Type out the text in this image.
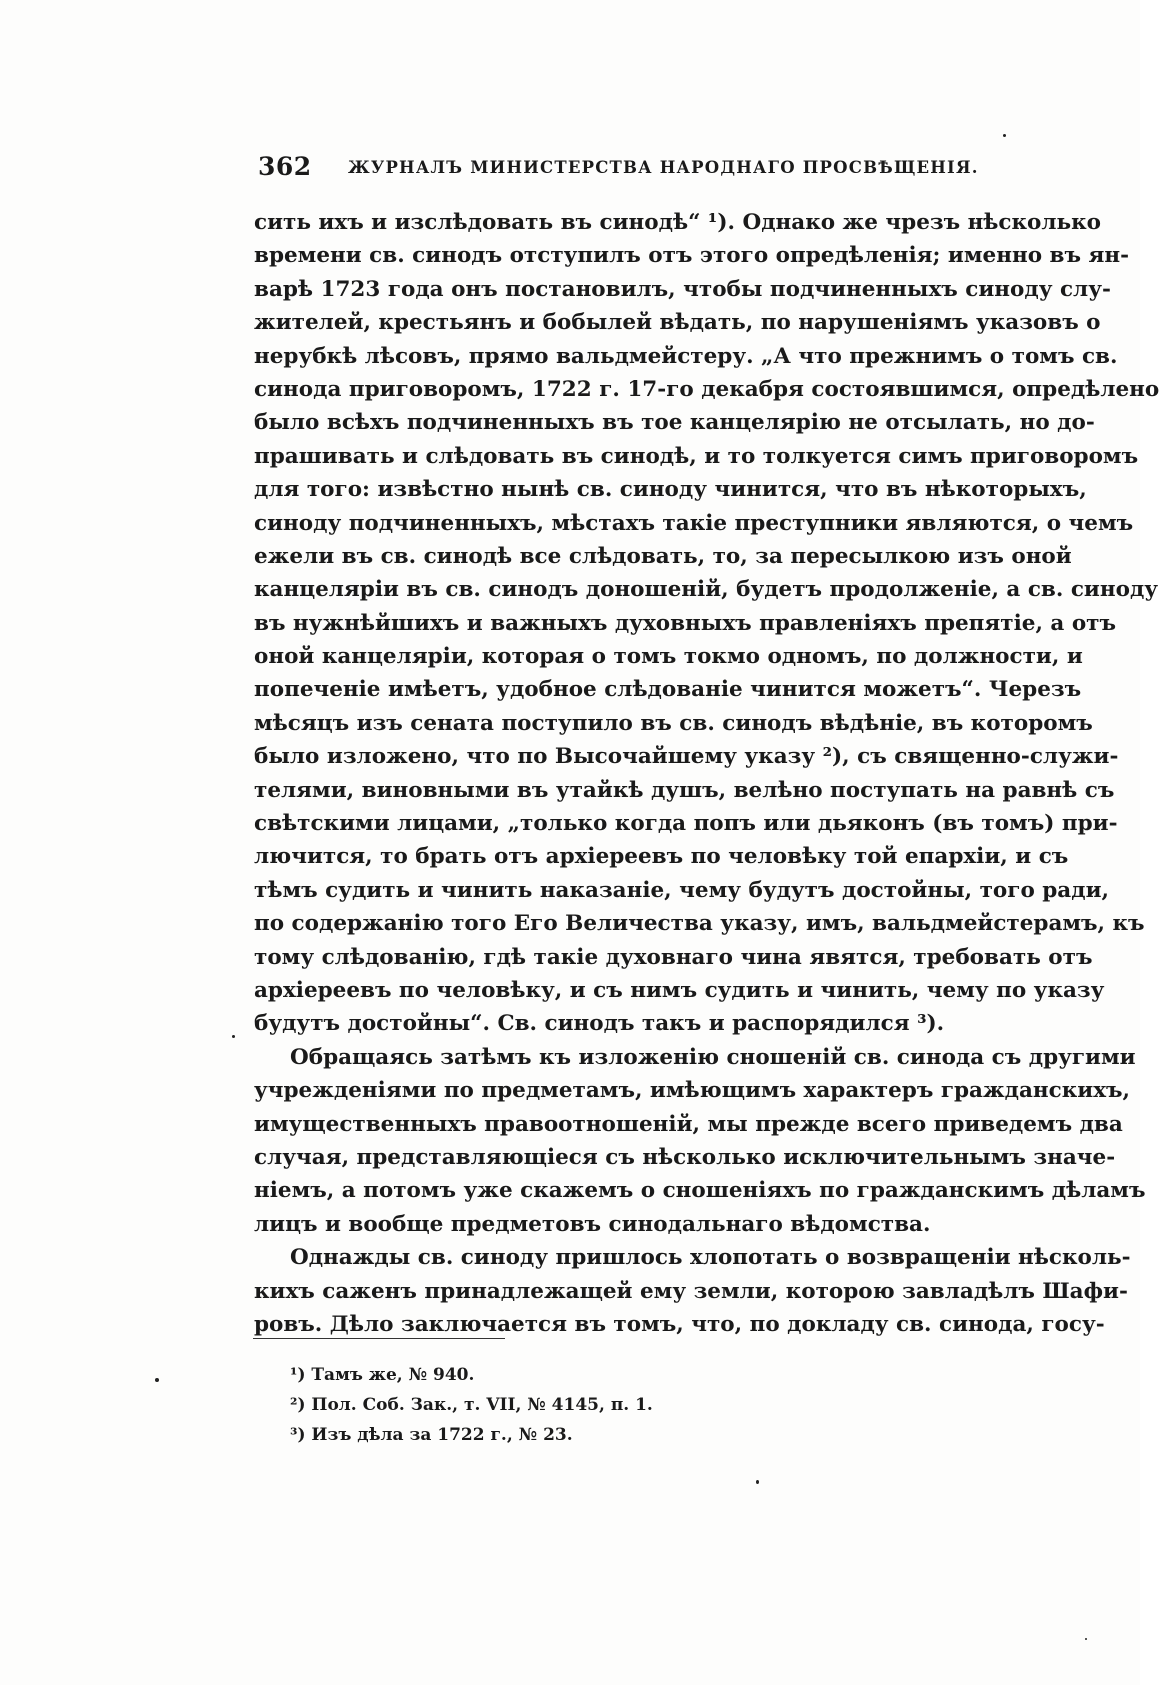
362 ЖУРНАЛЪ МИНИСТЕРСТВА НАРОДНАГО ПРОСВѢЩЕНІЯ.
сить ихъ и изслѣдовать въ синодѣ“ ¹). Однако же чрезъ нѣсколько
времени св. синодъ отступилъ отъ этого опредѣленія; именно въ ян-
варѣ 1723 года онъ постановилъ, чтобы подчиненныхъ синоду слу-
жителей, крестьянъ и бобылей вѣдать, по нарушеніямъ указовъ о
нерубкѣ лѣсовъ, прямо вальдмейстеру. „А что прежнимъ о томъ св.
синода приговоромъ, 1722 г. 17-го декабря состоявшимся, опредѣлено
было всѣхъ подчиненныхъ въ тое канцелярію не отсылать, но до-
прашивать и слѣдовать въ синодѣ, и то толкуется симъ приговоромъ
для того: извѣстно нынѣ св. синоду чинится, что въ нѣкоторыхъ,
синоду подчиненныхъ, мѣстахъ такіе преступники являются, о чемъ
ежели въ св. синодѣ все слѣдовать, то, за пересылкою изъ оной
канцеляріи въ св. синодъ доношеній, будетъ продолженіе, а св. синоду
въ нужнѣйшихъ и важныхъ духовныхъ правленіяхъ препятіе, а отъ
оной канцеляріи, которая о томъ токмо одномъ, по должности, и
попеченіе имѣетъ, удобное слѣдованіе чинится можетъ“. Черезъ
мѣсяцъ изъ сената поступило въ св. синодъ вѣдѣніе, въ которомъ
было изложено, что по Высочайшему указу ²), съ священно-служи-
телями, виновными въ утайкѣ душъ, велѣно поступать на равнѣ съ
свѣтскими лицами, „только когда попъ или дьяконъ (въ томъ) при-
лючится, то брать отъ архіереевъ по человѣку той епархіи, и съ
тѣмъ судить и чинить наказаніе, чему будутъ достойны, того ради,
по содержанію того Его Величества указу, имъ, вальдмейстерамъ, къ
тому слѣдованію, гдѣ такіе духовнаго чина явятся, требовать отъ
архіереевъ по человѣку, и съ нимъ судить и чинить, чему по указу
будутъ достойны“. Св. синодъ такъ и распорядился ³).
Обращаясь затѣмъ къ изложенію сношеній св. синода съ другими
учрежденіями по предметамъ, имѣющимъ характеръ гражданскихъ,
имущественныхъ правоотношеній, мы прежде всего приведемъ два
случая, представляющіеся съ нѣсколько исключительнымъ значе-
ніемъ, а потомъ уже скажемъ о сношеніяхъ по гражданскимъ дѣламъ
лицъ и вообще предметовъ синодальнаго вѣдомства.
Однажды св. синоду пришлось хлопотать о возвращеніи нѣсколь-
кихъ саженъ принадлежащей ему земли, которою завладѣлъ Шафи-
ровъ. Дѣло заключается въ томъ, что, по докладу св. синода, госу-
¹) Тамъ же, № 940.
²) Пол. Соб. Зак., т. VII, № 4145, п. 1.
³) Изъ дѣла за 1722 г., № 23.
